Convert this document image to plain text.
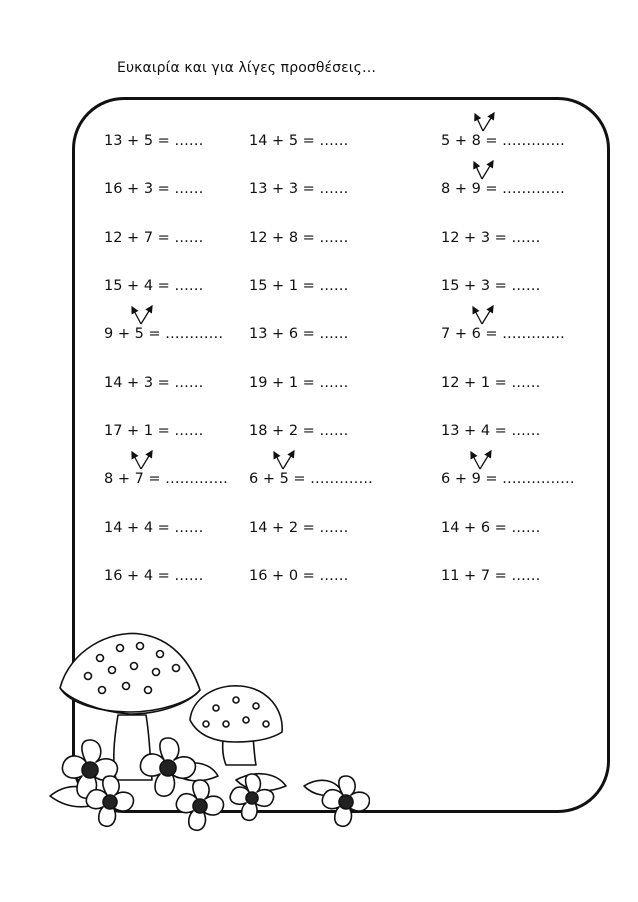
Ευκαιρία και για λίγες προσθέσεις…
13 + 5 = ……
16 + 3 = ……
12 + 7 = ……
15 + 4 = ……
9 + 5 = …………
14 + 3 = ……
17 + 1 = ……
8 + 7 = ………….
14 + 4 = ……
16 + 4 = ……
14 + 5 = ……
13 + 3 = ……
12 + 8 = ……
15 + 1 = ……
13 + 6 = ……
19 + 1 = ……
18 + 2 = ……
6 + 5 = ………….
14 + 2 = ……
16 + 0 = ……
5 + 8 = ………….
8 + 9 = ………….
12 + 3 = ……
15 + 3 = ……
7 + 6 = ………….
12 + 1 = ……
13 + 4 = ……
6 + 9 = ……………
14 + 6 = ……
11 + 7 = ……
